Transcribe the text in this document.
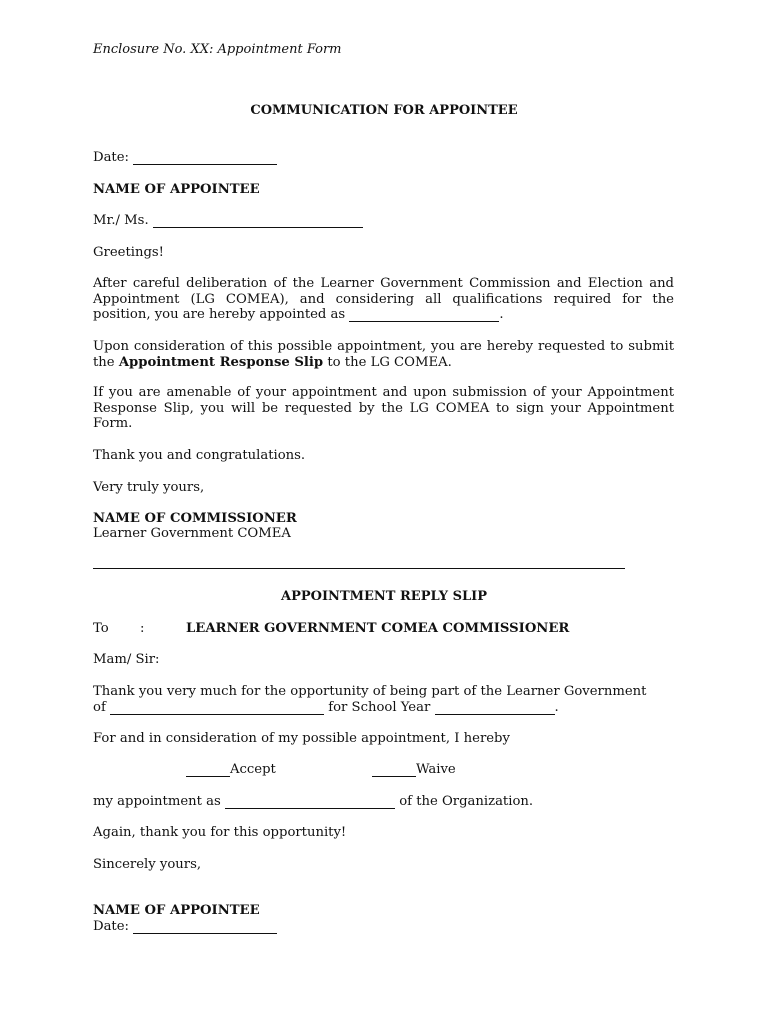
Enclosure No. XX: Appointment Form
COMMUNICATION FOR APPOINTEE
Date:
NAME OF APPOINTEE
Mr./ Ms.
Greetings!
After careful deliberation of the Learner Government Commission and Election and Appointment (LG COMEA), and considering all qualifications required for the position, you are hereby appointed as	.
Upon consideration of this possible appointment, you are hereby requested to submit the Appointment Response Slip to the LG COMEA.
If you are amenable of your appointment and upon submission of your Appointment Response Slip, you will be requested by the LG COMEA to sign your Appointment Form.
Thank you and congratulations.
Very truly yours,
NAME OF COMMISSIONER
Learner Government COMEA
APPOINTMENT REPLY SLIP
To :	LEARNER GOVERNMENT COMEA COMMISSIONER
Mam/ Sir:
Thank you very much for the opportunity of being part of the Learner Government
of	for School Year	.
For and in consideration of my possible appointment, I hereby
Accept	Waive
my appointment as	of the Organization.
Again, thank you for this opportunity!
Sincerely yours,
NAME OF APPOINTEE
Date:
